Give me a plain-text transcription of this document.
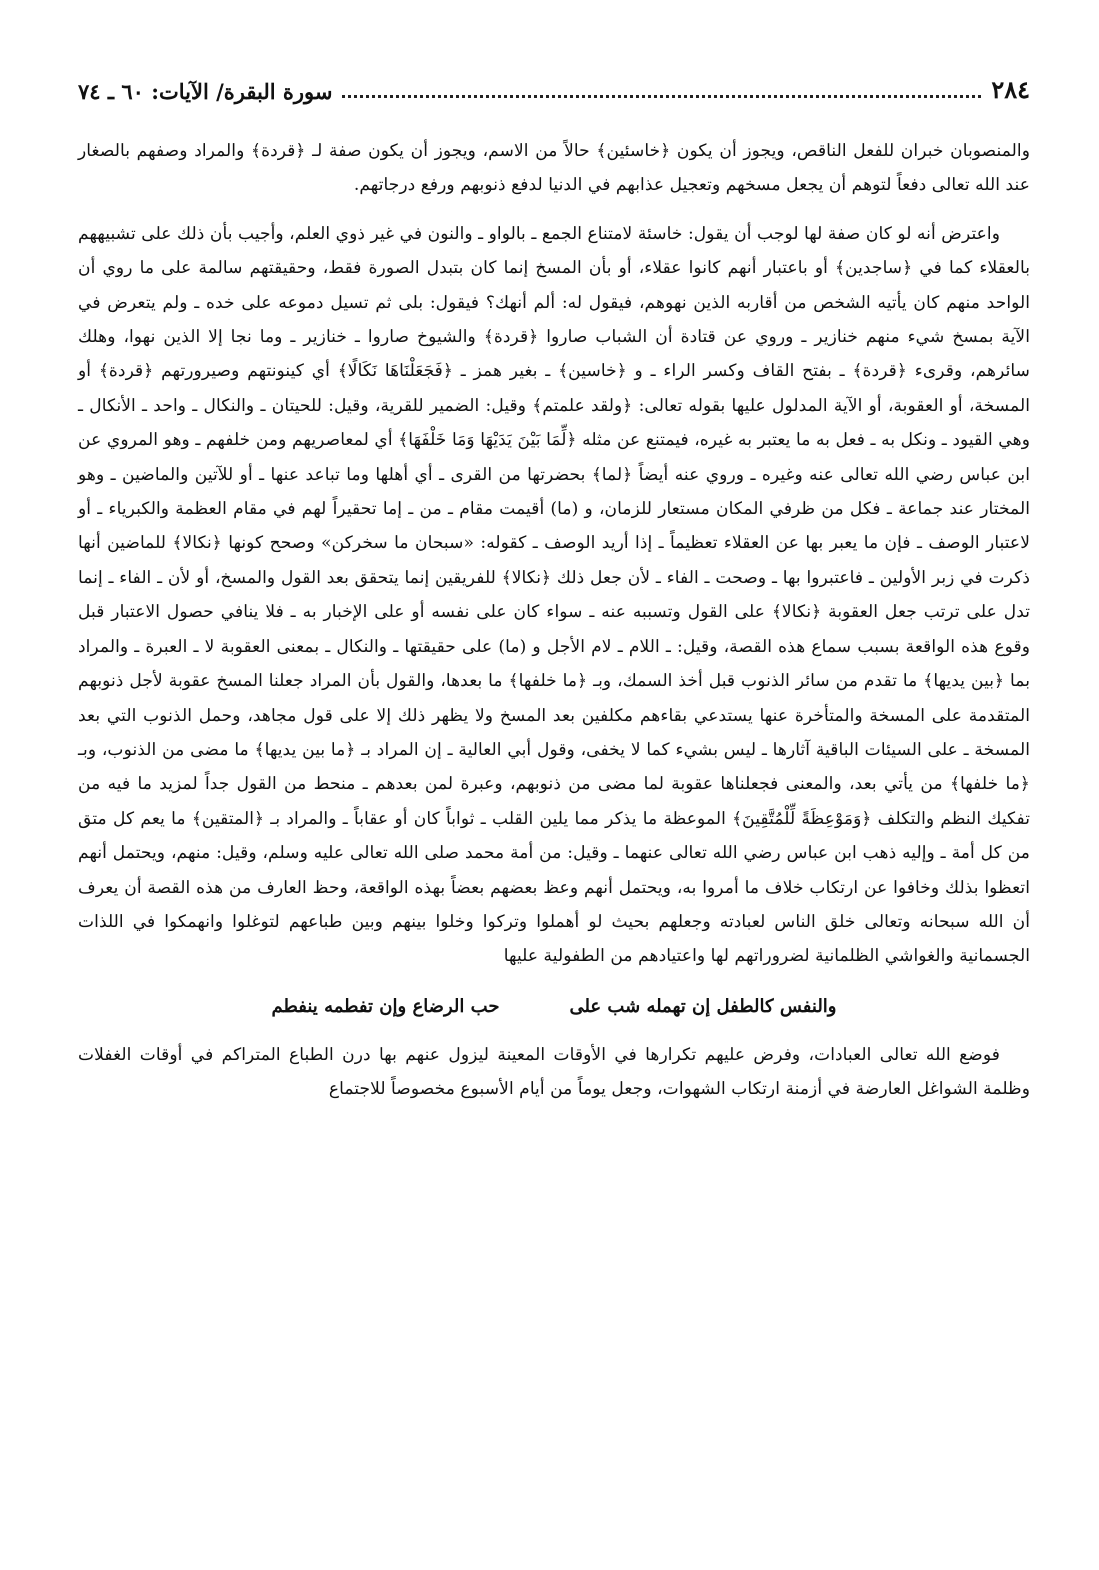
٢٨٤
سورة البقرة/ الآيات: ٦٠ ـ ٧٤

والمنصوبان خبران للفعل الناقص، ويجوز أن يكون ﴿خاسئين﴾ حالاً من الاسم، ويجوز أن يكون صفة لـ ﴿قردة﴾ والمراد وصفهم بالصغار عند الله تعالى دفعاً لتوهم أن يجعل مسخهم وتعجيل عذابهم في الدنيا لدفع ذنوبهم ورفع درجاتهم.

واعترض أنه لو كان صفة لها لوجب أن يقول: خاسئة لامتناع الجمع ـ بالواو ـ والنون في غير ذوي العلم، وأجيب بأن ذلك على تشبيههم بالعقلاء كما في ﴿ساجدين﴾ أو باعتبار أنهم كانوا عقلاء، أو بأن المسخ إنما كان بتبدل الصورة فقط، وحقيقتهم سالمة على ما روي أن الواحد منهم كان يأتيه الشخص من أقاربه الذين نهوهم، فيقول له: ألم أنهك؟ فيقول: بلى ثم تسيل دموعه على خده ـ ولم يتعرض في الآية بمسخ شيء منهم خنازير ـ وروي عن قتادة أن الشباب صاروا ﴿قردة﴾ والشيوخ صاروا ـ خنازير ـ وما نجا إلا الذين نهوا، وهلك سائرهم، وقرىء ﴿قردة﴾ ـ بفتح القاف وكسر الراء ـ و ﴿خاسين﴾ ـ بغير همز ـ ﴿فَجَعَلْنَاهَا نَكَالًا﴾ أي كينونتهم وصيرورتهم ﴿قردة﴾ أو المسخة، أو العقوبة، أو الآية المدلول عليها بقوله تعالى: ﴿ولقد علمتم﴾ وقيل: الضمير للقرية، وقيل: للحيتان ـ والنكال ـ واحد ـ الأنكال ـ وهي القيود ـ ونكل به ـ فعل به ما يعتبر به غيره، فيمتنع عن مثله ﴿لِّمَا بَيْنَ يَدَيْهَا وَمَا خَلْفَهَا﴾ أي لمعاصريهم ومن خلفهم ـ وهو المروي عن ابن عباس رضي الله تعالى عنه وغيره ـ وروي عنه أيضاً ﴿لما﴾ بحضرتها من القرى ـ أي أهلها وما تباعد عنها ـ أو للآتين والماضين ـ وهو المختار عند جماعة ـ فكل من ظرفي المكان مستعار للزمان، و (ما) أقيمت مقام ـ من ـ إما تحقيراً لهم في مقام العظمة والكبرياء ـ أو لاعتبار الوصف ـ فإن ما يعبر بها عن العقلاء تعظيماً ـ إذا أريد الوصف ـ كقوله: «سبحان ما سخركن» وصحح كونها ﴿نكالا﴾ للماضين أنها ذكرت في زبر الأولين ـ فاعتبروا بها ـ وصحت ـ الفاء ـ لأن جعل ذلك ﴿نكالا﴾ للفريقين إنما يتحقق بعد القول والمسخ، أو لأن ـ الفاء ـ إنما تدل على ترتب جعل العقوبة ﴿نكالا﴾ على القول وتسببه عنه ـ سواء كان على نفسه أو على الإخبار به ـ فلا ينافي حصول الاعتبار قبل وقوع هذه الواقعة بسبب سماع هذه القصة، وقيل: ـ اللام ـ لام الأجل و (ما) على حقيقتها ـ والنكال ـ بمعنى العقوبة لا ـ العبرة ـ والمراد بما ﴿بين يديها﴾ ما تقدم من سائر الذنوب قبل أخذ السمك، وبـ ﴿ما خلفها﴾ ما بعدها، والقول بأن المراد جعلنا المسخ عقوبة لأجل ذنوبهم المتقدمة على المسخة والمتأخرة عنها يستدعي بقاءهم مكلفين بعد المسخ ولا يظهر ذلك إلا على قول مجاهد، وحمل الذنوب التي بعد المسخة ـ على السيئات الباقية آثارها ـ ليس بشيء كما لا يخفى، وقول أبي العالية ـ إن المراد بـ ﴿ما بين يديها﴾ ما مضى من الذنوب، وبـ ﴿ما خلفها﴾ من يأتي بعد، والمعنى فجعلناها عقوبة لما مضى من ذنوبهم، وعبرة لمن بعدهم ـ منحط من القول جداً لمزيد ما فيه من تفكيك النظم والتكلف ﴿وَمَوْعِظَةً لِّلْمُتَّقِينَ﴾ الموعظة ما يذكر مما يلين القلب ـ ثواباً كان أو عقاباً ـ والمراد بـ ﴿المتقين﴾ ما يعم كل متق من كل أمة ـ وإليه ذهب ابن عباس رضي الله تعالى عنهما ـ وقيل: من أمة محمد صلى الله تعالى عليه وسلم، وقيل: منهم، ويحتمل أنهم اتعظوا بذلك وخافوا عن ارتكاب خلاف ما أمروا به، ويحتمل أنهم وعظ بعضهم بعضاً بهذه الواقعة، وحظ العارف من هذه القصة أن يعرف أن الله سبحانه وتعالى خلق الناس لعبادته وجعلهم بحيث لو أهملوا وتركوا وخلوا بينهم وبين طباعهم لتوغلوا وانهمكوا في اللذات الجسمانية والغواشي الظلمانية لضروراتهم لها واعتيادهم من الطفولية عليها

والنفس كالطفل إن تهمله شب على
حب الرضاع وإن تفطمه ينفطم

فوضع الله تعالى العبادات، وفرض عليهم تكرارها في الأوقات المعينة ليزول عنهم بها درن الطباع المتراكم في أوقات الغفلات وظلمة الشواغل العارضة في أزمنة ارتكاب الشهوات، وجعل يوماً من أيام الأسبوع مخصوصاً للاجتماع
